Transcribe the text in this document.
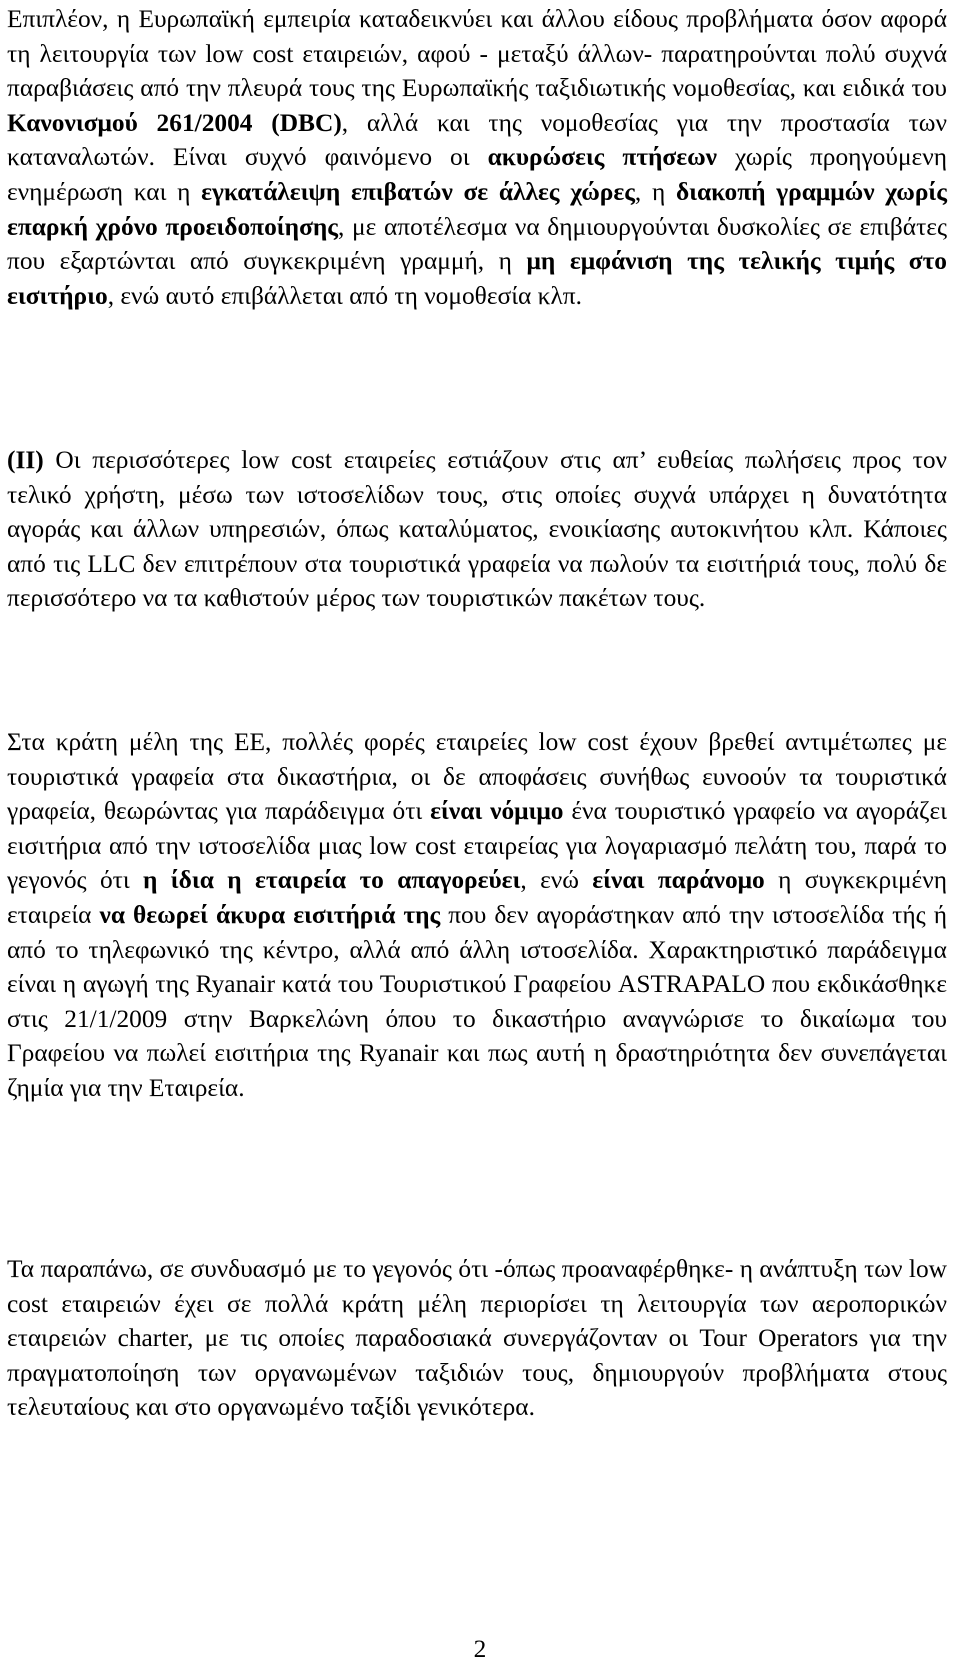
Επιπλέον, η Ευρωπαϊκή εμπειρία καταδεικνύει και άλλου είδους προβλήματα όσον αφορά τη λειτουργία των low cost εταιρειών, αφού - μεταξύ άλλων- παρατηρούνται πολύ συχνά παραβιάσεις από την πλευρά τους της Ευρωπαϊκής ταξιδιωτικής νομοθεσίας, και ειδικά του Κανονισμού 261/2004 (DBC), αλλά και της νομοθεσίας για την προστασία των καταναλωτών. Είναι συχνό φαινόμενο οι ακυρώσεις πτήσεων χωρίς προηγούμενη ενημέρωση και η εγκατάλειψη επιβατών σε άλλες χώρες, η διακοπή γραμμών χωρίς επαρκή χρόνο προειδοποίησης, με αποτέλεσμα να δημιουργούνται δυσκολίες σε επιβάτες που εξαρτώνται από συγκεκριμένη γραμμή, η μη εμφάνιση της τελικής τιμής στο εισιτήριο, ενώ αυτό επιβάλλεται από τη νομοθεσία κλπ.

(ΙΙ) Οι περισσότερες low cost εταιρείες εστιάζουν στις απ’ ευθείας πωλήσεις προς τον τελικό χρήστη, μέσω των ιστοσελίδων τους, στις οποίες συχνά υπάρχει η δυνατότητα αγοράς και άλλων υπηρεσιών, όπως καταλύματος, ενοικίασης αυτοκινήτου κλπ. Κάποιες από τις LLC δεν επιτρέπουν στα τουριστικά γραφεία να πωλούν τα εισιτήριά τους, πολύ δε περισσότερο να τα καθιστούν μέρος των τουριστικών πακέτων τους.

Στα κράτη μέλη της ΕΕ, πολλές φορές εταιρείες low cost έχουν βρεθεί αντιμέτωπες με τουριστικά γραφεία στα δικαστήρια, οι δε αποφάσεις συνήθως ευνοούν τα τουριστικά γραφεία, θεωρώντας για παράδειγμα ότι είναι νόμιμο ένα τουριστικό γραφείο να αγοράζει εισιτήρια από την ιστοσελίδα μιας low cost εταιρείας για λογαριασμό πελάτη του, παρά το γεγονός ότι η ίδια η εταιρεία το απαγορεύει, ενώ είναι παράνομο η συγκεκριμένη εταιρεία να θεωρεί άκυρα εισιτήριά της που δεν αγοράστηκαν από την ιστοσελίδα τής ή από το τηλεφωνικό της κέντρο, αλλά από άλλη ιστοσελίδα. Χαρακτηριστικό παράδειγμα είναι η αγωγή της Ryanair κατά του Τουριστικού Γραφείου ASTRAPALO που εκδικάσθηκε στις 21/1/2009 στην Βαρκελώνη όπου το δικαστήριο αναγνώρισε το δικαίωμα του Γραφείου να πωλεί εισιτήρια της Ryanair και πως αυτή η δραστηριότητα δεν συνεπάγεται ζημία για την Εταιρεία.

Τα παραπάνω, σε συνδυασμό με το γεγονός ότι -όπως προαναφέρθηκε- η ανάπτυξη των low cost εταιρειών έχει σε πολλά κράτη μέλη περιορίσει τη λειτουργία των αεροπορικών εταιρειών charter, με τις οποίες παραδοσιακά συνεργάζονταν οι Tour Operators για την πραγματοποίηση των οργανωμένων ταξιδιών τους, δημιουργούν προβλήματα στους τελευταίους και στο οργανωμένο ταξίδι γενικότερα.

2
